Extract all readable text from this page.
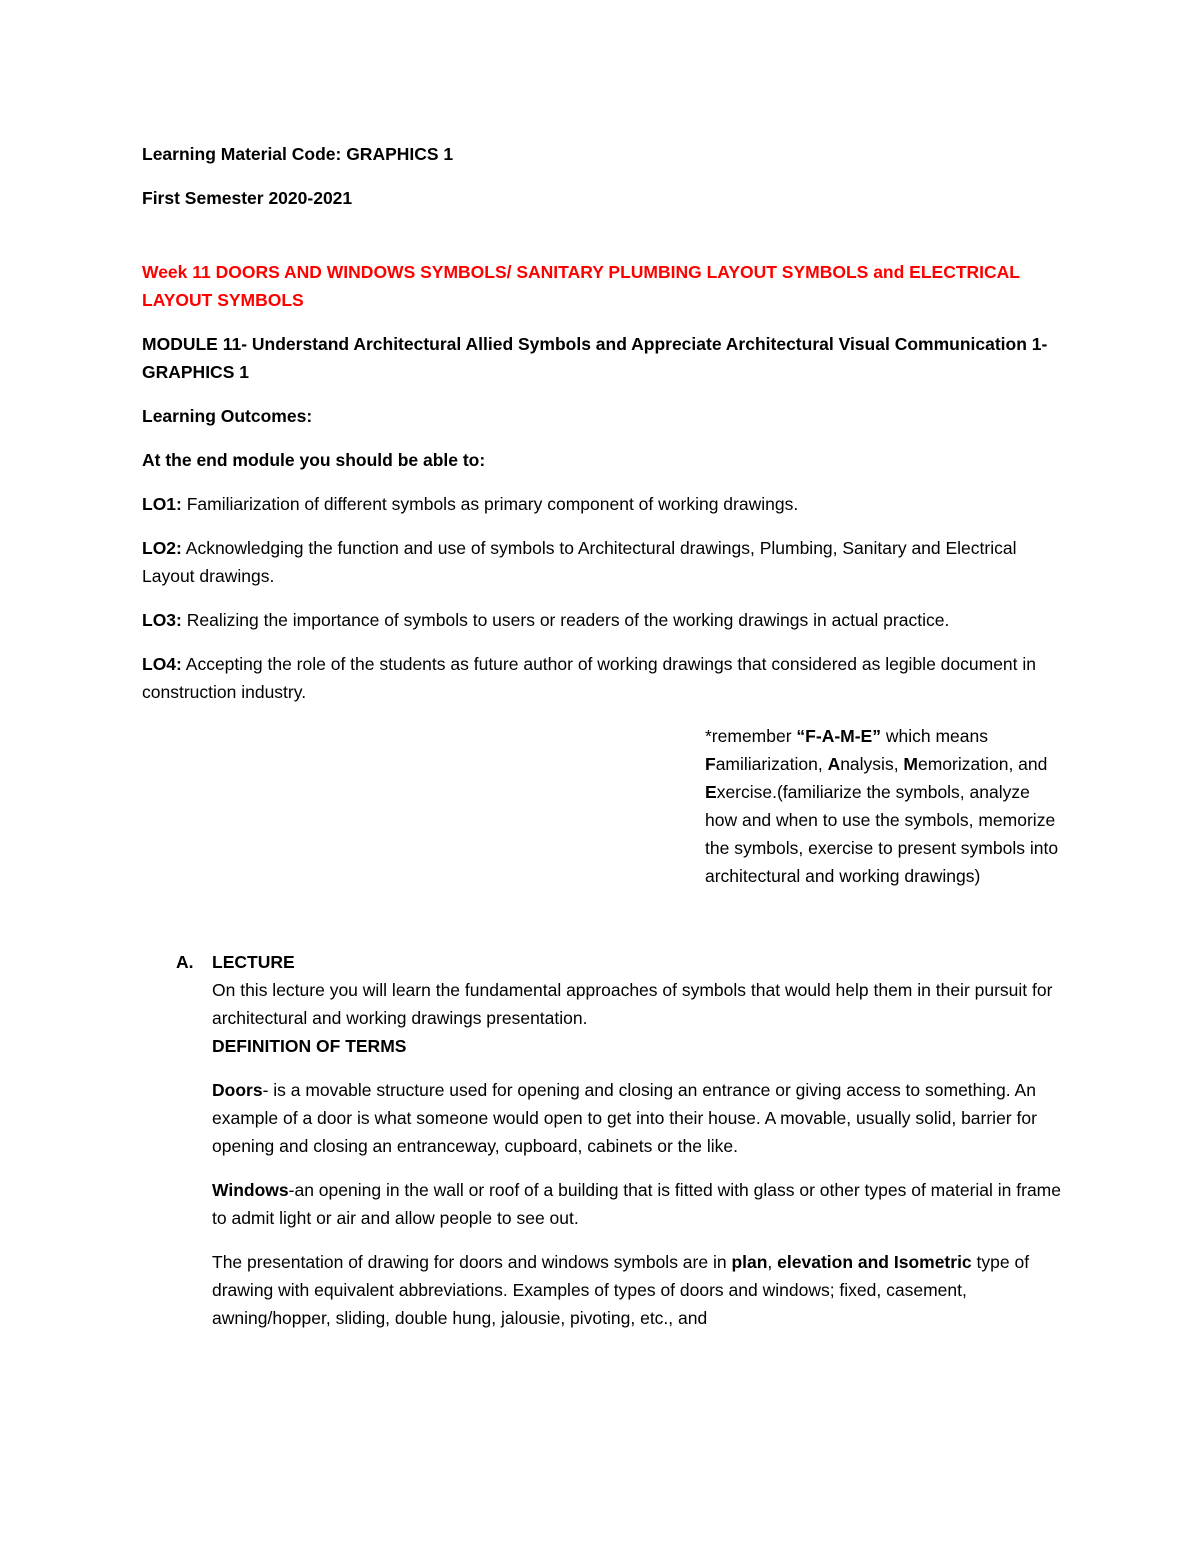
Learning Material Code: GRAPHICS 1

First Semester 2020-2021

Week 11 DOORS AND WINDOWS SYMBOLS/ SANITARY PLUMBING LAYOUT SYMBOLS and ELECTRICAL LAYOUT SYMBOLS

MODULE 11- Understand Architectural Allied Symbols and Appreciate Architectural Visual Communication 1- GRAPHICS 1

Learning Outcomes:

At the end module you should be able to:

LO1: Familiarization of different symbols as primary component of working drawings.

LO2: Acknowledging the function and use of symbols to Architectural drawings, Plumbing, Sanitary and Electrical Layout drawings.

LO3: Realizing the importance of symbols to users or readers of the working drawings in actual practice.

LO4: Accepting the role of the students as future author of working drawings that considered as legible document in construction industry.

*remember “F-A-M-E” which means Familiarization, Analysis, Memorization, and Exercise.(familiarize the symbols, analyze how and when to use the symbols, memorize the symbols, exercise to present symbols into architectural and working drawings)

A. LECTURE

On this lecture you will learn the fundamental approaches of symbols that would help them in their pursuit for architectural and working drawings presentation.

DEFINITION OF TERMS

Doors- is a movable structure used for opening and closing an entrance or giving access to something. An example of a door is what someone would open to get into their house. A movable, usually solid, barrier for opening and closing an entranceway, cupboard, cabinets or the like.

Windows-an opening in the wall or roof of a building that is fitted with glass or other types of material in frame to admit light or air and allow people to see out.

The presentation of drawing for doors and windows symbols are in plan, elevation and Isometric type of drawing with equivalent abbreviations. Examples of types of doors and windows; fixed, casement, awning/hopper, sliding, double hung, jalousie, pivoting, etc., and
